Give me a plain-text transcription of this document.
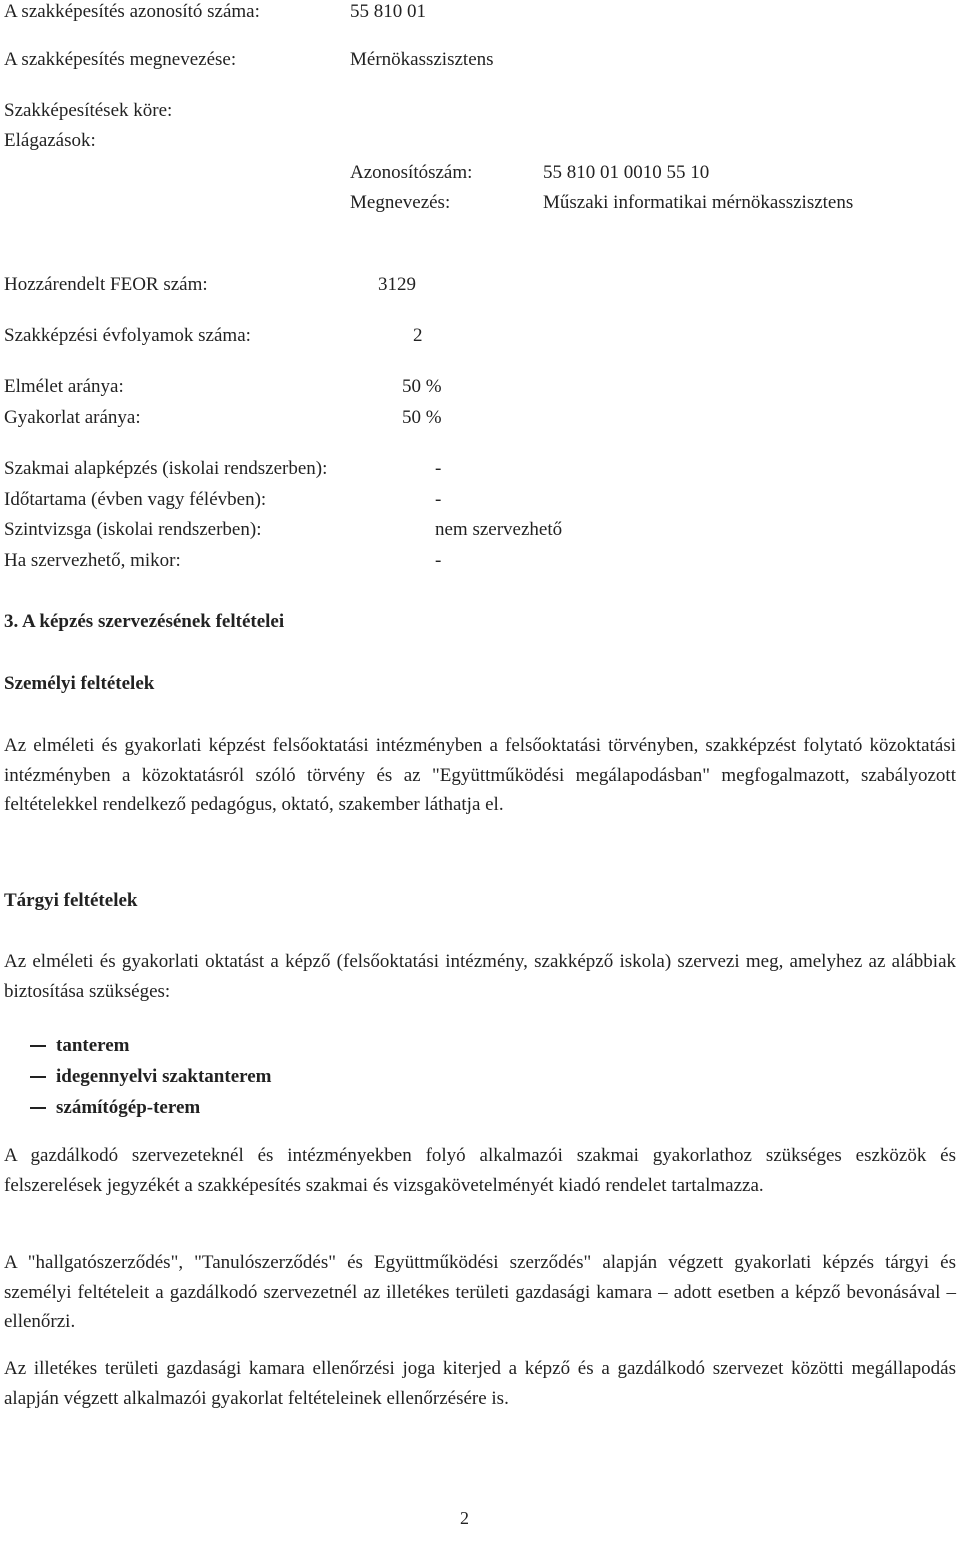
A szakképesítés azonosító száma:	55 810 01
A szakképesítés megnevezése:	Mérnökasszisztens
Szakképesítések köre:
Elágazások:
Azonosítószám:	55 810 01 0010 55 10
Megnevezés:	Műszaki informatikai mérnökasszisztens
Hozzárendelt FEOR szám:	3129
Szakképzési évfolyamok száma:	2
Elmélet aránya:	50 %
Gyakorlat aránya:	50 %
Szakmai alapképzés (iskolai rendszerben):	-
Időtartama (évben vagy félévben):	-
Szintvizsga (iskolai rendszerben):	nem szervezhető
Ha szervezhető, mikor:	-
3. A képzés szervezésének feltételei
Személyi feltételek

Az elméleti és gyakorlati képzést felsőoktatási intézményben a felsőoktatási törvényben, szakképzést folytató közoktatási intézményben a közoktatásról szóló törvény és az "Együttműködési megálapodásban" megfogalmazott, szabályozott feltételekkel rendelkező pedagógus, oktató, szakember láthatja el.

Tárgyi feltételek

Az elméleti és gyakorlati oktatást a képző (felsőoktatási intézmény, szakképző iskola) szervezi meg, amelyhez az alábbiak biztosítása szükséges:

tanterem
idegennyelvi szaktanterem
számítógép-terem

A gazdálkodó szervezeteknél és intézményekben folyó alkalmazói szakmai gyakorlathoz szükséges eszközök és felszerelések jegyzékét a szakképesítés szakmai és vizsgakövetelményét kiadó rendelet tartalmazza.

A "hallgatószerződés", "Tanulószerződés" és Együttműködési szerződés" alapján végzett gyakorlati képzés tárgyi és személyi feltételeit a gazdálkodó szervezetnél az illetékes területi gazdasági kamara – adott esetben a képző bevonásával – ellenőrzi.

Az illetékes területi gazdasági kamara ellenőrzési joga kiterjed a képző és a gazdálkodó szervezet közötti megállapodás alapján végzett alkalmazói gyakorlat feltételeinek ellenőrzésére is.

2
